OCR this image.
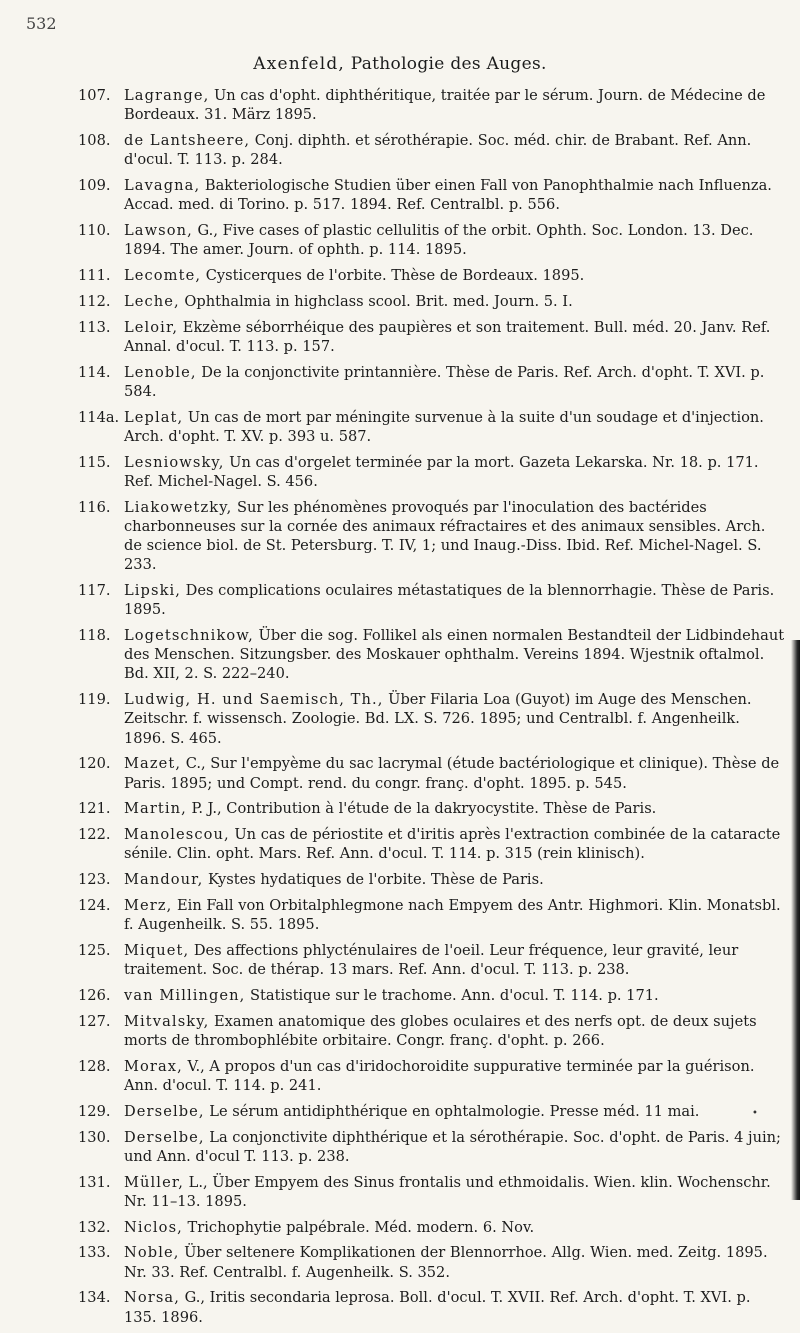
532
Axenfeld, Pathologie des Auges.
107. Lagrange, Un cas d'opht. diphthéritique, traitée par le sérum. Journ. de Médecine de Bordeaux. 31. März 1895.
108. de Lantsheere, Conj. diphth. et sérothérapie. Soc. méd. chir. de Brabant. Ref. Ann. d'ocul. T. 113. p. 284.
109. Lavagna, Bakteriologische Studien über einen Fall von Panophthalmie nach Influenza. Accad. med. di Torino. p. 517. 1894. Ref. Centralbl. p. 556.
110. Lawson, G., Five cases of plastic cellulitis of the orbit. Ophth. Soc. London. 13. Dec. 1894. The amer. Journ. of ophth. p. 114. 1895.
111. Lecomte, Cysticerques de l'orbite. Thèse de Bordeaux. 1895.
112. Leche, Ophthalmia in highclass scool. Brit. med. Journ. 5. I.
113. Leloir, Ekzème séborrhéique des paupières et son traitement. Bull. méd. 20. Janv. Ref. Annal. d'ocul. T. 113. p. 157.
114. Lenoble, De la conjonctivite printannière. Thèse de Paris. Ref. Arch. d'opht. T. XVI. p. 584.
114a. Leplat, Un cas de mort par méningite survenue à la suite d'un soudage et d'injection. Arch. d'opht. T. XV. p. 393 u. 587.
115. Lesniowsky, Un cas d'orgelet terminée par la mort. Gazeta Lekarska. Nr. 18. p. 171. Ref. Michel-Nagel. S. 456.
116. Liakowetzky, Sur les phénomènes provoqués par l'inoculation des bactérides charbonneuses sur la cornée des animaux réfractaires et des animaux sensibles. Arch. de science biol. de St. Petersburg. T. IV, 1; und Inaug.-Diss. Ibid. Ref. Michel-Nagel. S. 233.
117. Lipski, Des complications oculaires métastatiques de la blennorrhagie. Thèse de Paris. 1895.
118. Logetschnikow, Über die sog. Follikel als einen normalen Bestandteil der Lidbindehaut des Menschen. Sitzungsber. des Moskauer ophthalm. Vereins 1894. Wjestnik oftalmol. Bd. XII, 2. S. 222–240.
119. Ludwig, H. und Saemisch, Th., Über Filaria Loa (Guyot) im Auge des Menschen. Zeitschr. f. wissensch. Zoologie. Bd. LX. S. 726. 1895; und Centralbl. f. Angenheilk. 1896. S. 465.
120. Mazet, C., Sur l'empyème du sac lacrymal (étude bactériologique et clinique). Thèse de Paris. 1895; und Compt. rend. du congr. franç. d'opht. 1895. p. 545.
121. Martin, P. J., Contribution à l'étude de la dakryocystite. Thèse de Paris.
122. Manolescou, Un cas de périostite et d'iritis après l'extraction combinée de la cataracte sénile. Clin. opht. Mars. Ref. Ann. d'ocul. T. 114. p. 315 (rein klinisch).
123. Mandour, Kystes hydatiques de l'orbite. Thèse de Paris.
124. Merz, Ein Fall von Orbitalphlegmone nach Empyem des Antr. Highmori. Klin. Monatsbl. f. Augenheilk. S. 55. 1895.
125. Miquet, Des affections phlycténulaires de l'oeil. Leur fréquence, leur gravité, leur traitement. Soc. de thérap. 13 mars. Ref. Ann. d'ocul. T. 113. p. 238.
126. van Millingen, Statistique sur le trachome. Ann. d'ocul. T. 114. p. 171.
127. Mitvalsky, Examen anatomique des globes oculaires et des nerfs opt. de deux sujets morts de thrombophlébite orbitaire. Congr. franç. d'opht. p. 266.
128. Morax, V., A propos d'un cas d'iridochoroidite suppurative terminée par la guérison. Ann. d'ocul. T. 114. p. 241.
129. Derselbe, Le sérum antidiphthérique en ophtalmologie. Presse méd. 11 mai.
130. Derselbe, La conjonctivite diphthérique et la sérothérapie. Soc. d'opht. de Paris. 4 juin; und Ann. d'ocul T. 113. p. 238.
131. Müller, L., Über Empyem des Sinus frontalis und ethmoidalis. Wien. klin. Wochenschr. Nr. 11–13. 1895.
132. Niclos, Trichophytie palpébrale. Méd. modern. 6. Nov.
133. Noble, Über seltenere Komplikationen der Blennorrhoe. Allg. Wien. med. Zeitg. 1895. Nr. 33. Ref. Centralbl. f. Augenheilk. S. 352.
134. Norsa, G., Iritis secondaria leprosa. Boll. d'ocul. T. XVII. Ref. Arch. d'opht. T. XVI. p. 135. 1896.
•
